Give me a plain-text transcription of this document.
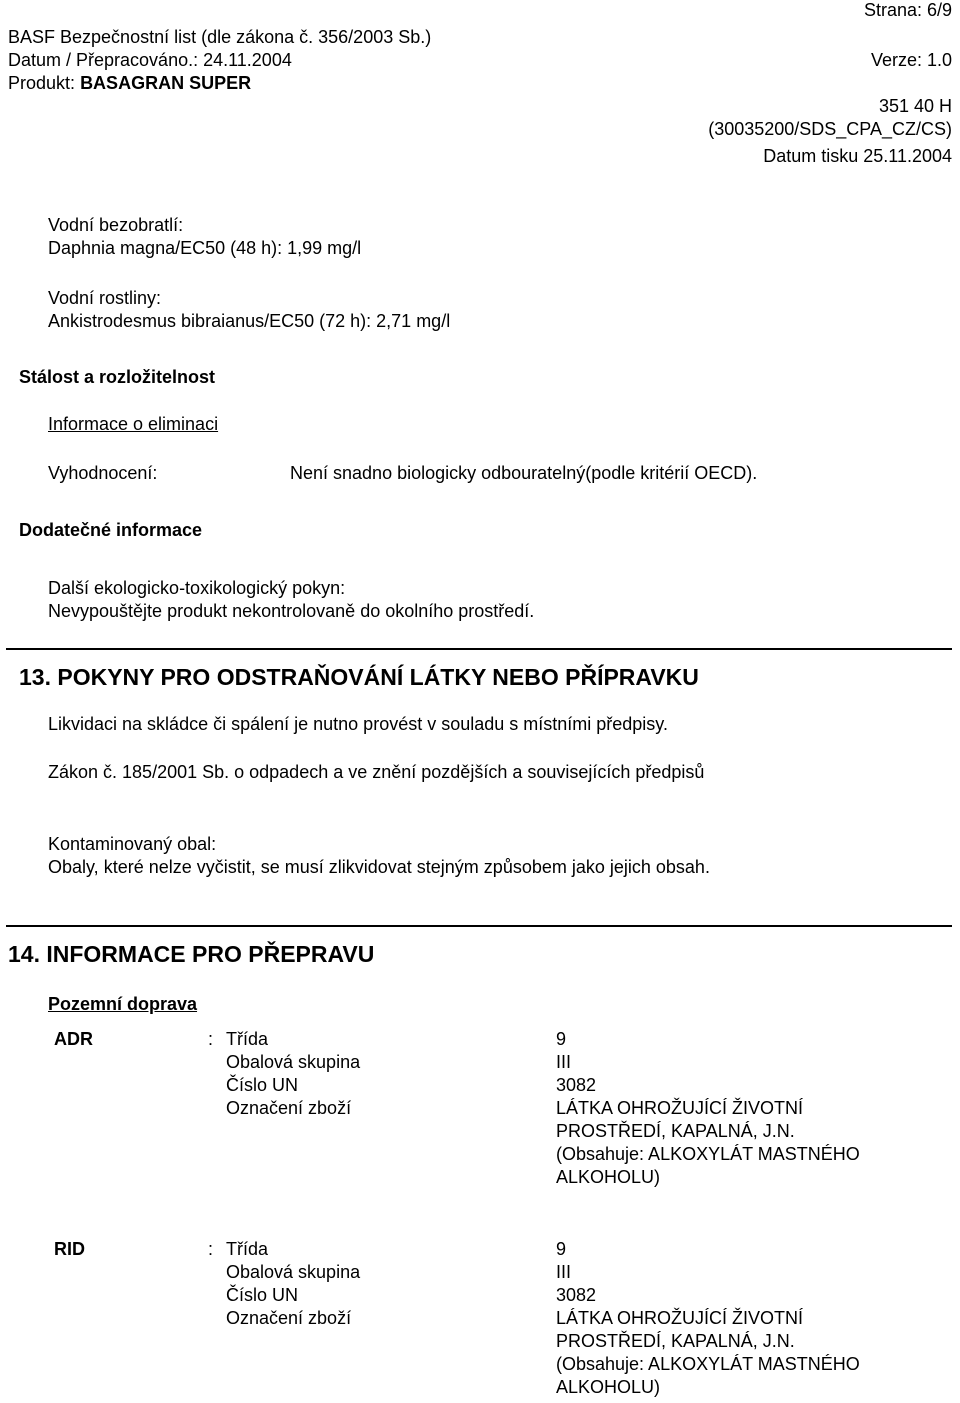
BASF Bezpečnostní list (dle zákona č. 356/2003 Sb.)
Strana: 6/9
Datum / Přepracováno.: 24.11.2004	Verze: 1.0
Produkt: BASAGRAN SUPER
351 40 H
(30035200/SDS_CPA_CZ/CS)
Datum tisku 25.11.2004
Vodní bezobratlí:
Daphnia magna/EC50 (48 h): 1,99 mg/l
Vodní rostliny:
Ankistrodesmus bibraianus/EC50 (72 h): 2,71 mg/l
Stálost a rozložitelnost
Informace o eliminaci
Vyhodnocení:	Není snadno biologicky odbouratelný(podle kritérií OECD).
Dodatečné informace
Další ekologicko-toxikologický pokyn:
Nevypouštějte produkt nekontrolovaně do okolního prostředí.
13. POKYNY PRO ODSTRAŇOVÁNÍ LÁTKY NEBO PŘÍPRAVKU
Likvidaci na skládce či spálení je nutno provést v souladu s místními předpisy.
Zákon č. 185/2001 Sb. o odpadech a ve znění pozdějších a souvisejících předpisů
Kontaminovaný obal:
Obaly, které nelze vyčistit, se musí zlikvidovat stejným způsobem jako jejich obsah.
14. INFORMACE PRO PŘEPRAVU
Pozemní doprava
ADR	: Třída	9
Obalová skupina	III
Číslo UN	3082
Označení zboží	LÁTKA OHROŽUJÍCÍ ŽIVOTNÍ
PROSTŘEDÍ, KAPALNÁ, J.N.
(Obsahuje: ALKOXYLÁT MASTNÉHO
ALKOHOLU)
RID	: Třída	9
Obalová skupina	III
Číslo UN	3082
Označení zboží	LÁTKA OHROŽUJÍCÍ ŽIVOTNÍ
PROSTŘEDÍ, KAPALNÁ, J.N.
(Obsahuje: ALKOXYLÁT MASTNÉHO
ALKOHOLU)
